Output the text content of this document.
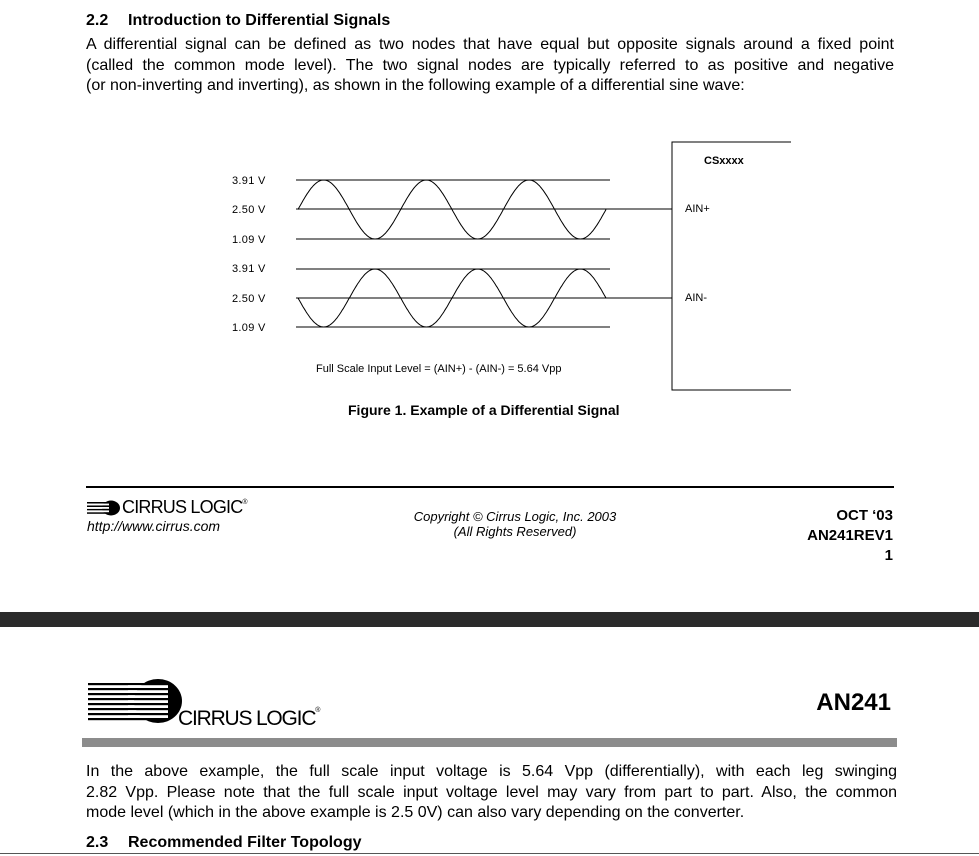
2.2 Introduction to Differential Signals
A differential signal can be defined as two nodes that have equal but opposite signals around a fixed point
(called the common mode level). The two signal nodes are typically referred to as positive and negative
(or non-inverting and inverting), as shown in the following example of a differential sine wave:
3.91 V
2.50 V
1.09 V
3.91 V
2.50 V
1.09 V
CSxxxx
AIN+
AIN-
Full Scale Input Level = (AIN+) - (AIN-) = 5.64 Vpp
Figure 1. Example of a Differential Signal
CIRRUS LOGIC ®
http://www.cirrus.com
Copyright © Cirrus Logic, Inc. 2003
(All Rights Reserved)
OCT ‘03
AN241REV1
1
CIRRUS LOGIC®	AN241
In the above example, the full scale input voltage is 5.64 Vpp (differentially), with each leg swinging
2.82 Vpp. Please note that the full scale input voltage level may vary from part to part. Also, the common
mode level (which in the above example is 2.5 0V) can also vary depending on the converter.
2.3 Recommended Filter Topology
